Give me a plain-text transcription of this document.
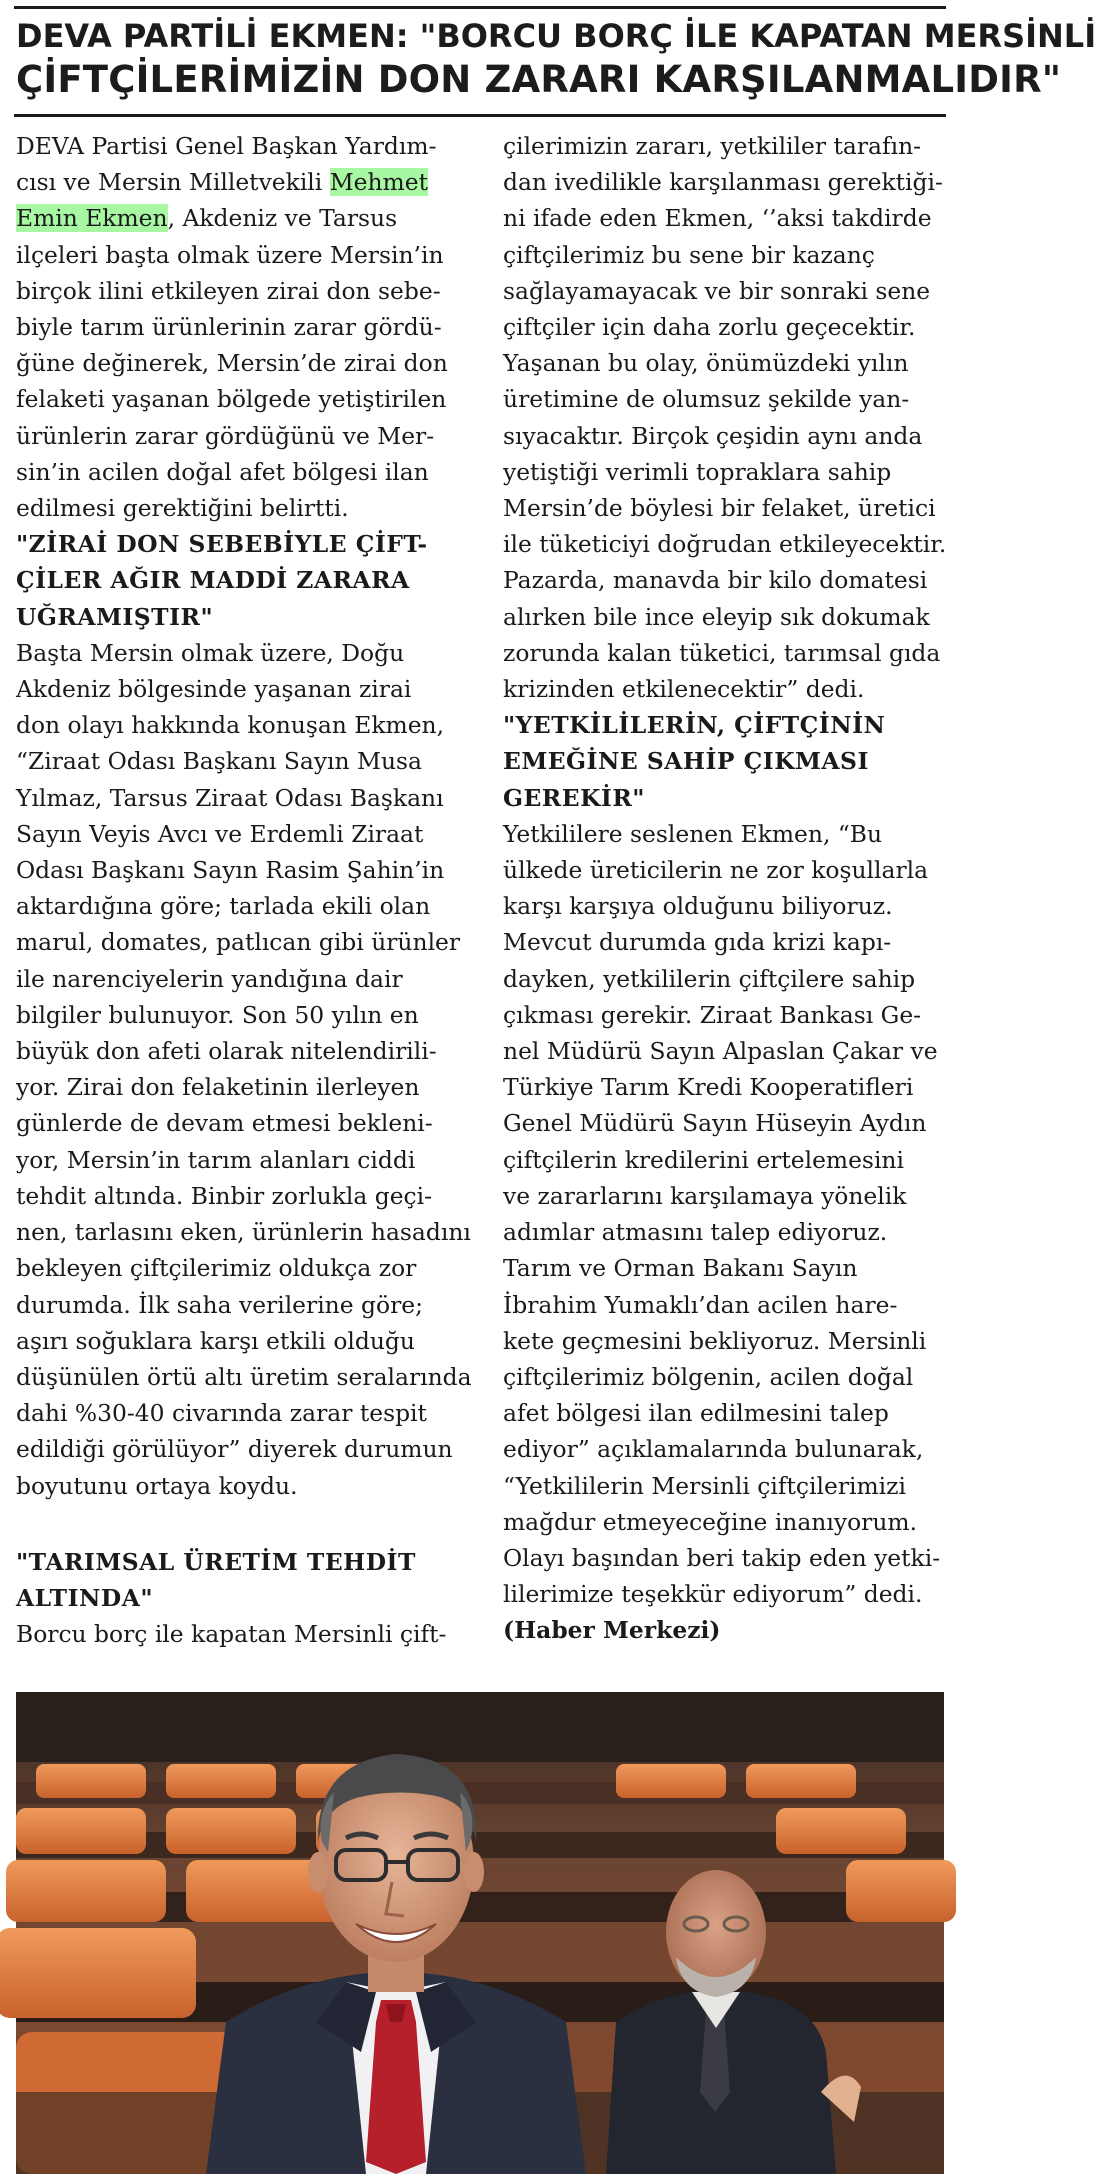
DEVA PARTİLİ EKMEN: "BORCU BORÇ İLE KAPATAN MERSİNLİ
ÇİFTÇİLERİMİZİN DON ZARARI KARŞILANMALIDIR"

DEVA Partisi Genel Başkan Yardım-
cısı ve Mersin Milletvekili Mehmet
Emin Ekmen, Akdeniz ve Tarsus
ilçeleri başta olmak üzere Mersin’in
birçok ilini etkileyen zirai don sebe-
biyle tarım ürünlerinin zarar gördü-
ğüne değinerek, Mersin’de zirai don
felaketi yaşanan bölgede yetiştirilen
ürünlerin zarar gördüğünü ve Mer-
sin’in acilen doğal afet bölgesi ilan
edilmesi gerektiğini belirtti.

"ZİRAİ DON SEBEBİYLE ÇİFT-
ÇİLER AĞIR MADDİ ZARARA
UĞRAMIŞTIR"

Başta Mersin olmak üzere, Doğu
Akdeniz bölgesinde yaşanan zirai
don olayı hakkında konuşan Ekmen,
“Ziraat Odası Başkanı Sayın Musa
Yılmaz, Tarsus Ziraat Odası Başkanı
Sayın Veyis Avcı ve Erdemli Ziraat
Odası Başkanı Sayın Rasim Şahin’in
aktardığına göre; tarlada ekili olan
marul, domates, patlıcan gibi ürünler
ile narenciyelerin yandığına dair
bilgiler bulunuyor. Son 50 yılın en
büyük don afeti olarak nitelendirili-
yor. Zirai don felaketinin ilerleyen
günlerde de devam etmesi bekleni-
yor, Mersin’in tarım alanları ciddi
tehdit altında. Binbir zorlukla geçi-
nen, tarlasını eken, ürünlerin hasadını
bekleyen çiftçilerimiz oldukça zor
durumda. İlk saha verilerine göre;
aşırı soğuklara karşı etkili olduğu
düşünülen örtü altı üretim seralarında
dahi %30-40 civarında zarar tespit
edildiği görülüyor” diyerek durumun
boyutunu ortaya koydu.

"TARIMSAL ÜRETİM TEHDİT
ALTINDA"

Borcu borç ile kapatan Mersinli çift-

çilerimizin zararı, yetkililer tarafın-
dan ivedilikle karşılanması gerektiği-
ni ifade eden Ekmen, ‘’aksi takdirde
çiftçilerimiz bu sene bir kazanç
sağlayamayacak ve bir sonraki sene
çiftçiler için daha zorlu geçecektir.
Yaşanan bu olay, önümüzdeki yılın
üretimine de olumsuz şekilde yan-
sıyacaktır. Birçok çeşidin aynı anda
yetiştiği verimli topraklara sahip
Mersin’de böylesi bir felaket, üretici
ile tüketiciyi doğrudan etkileyecektir.
Pazarda, manavda bir kilo domatesi
alırken bile ince eleyip sık dokumak
zorunda kalan tüketici, tarımsal gıda
krizinden etkilenecektir” dedi.

"YETKİLİLERİN, ÇİFTÇİNİN
EMEĞİNE SAHİP ÇIKMASI
GEREKİR"

Yetkililere seslenen Ekmen, “Bu
ülkede üreticilerin ne zor koşullarla
karşı karşıya olduğunu biliyoruz.
Mevcut durumda gıda krizi kapı-
dayken, yetkililerin çiftçilere sahip
çıkması gerekir. Ziraat Bankası Ge-
nel Müdürü Sayın Alpaslan Çakar ve
Türkiye Tarım Kredi Kooperatifleri
Genel Müdürü Sayın Hüseyin Aydın
çiftçilerin kredilerini ertelemesini
ve zararlarını karşılamaya yönelik
adımlar atmasını talep ediyoruz.
Tarım ve Orman Bakanı Sayın
İbrahim Yumaklı’dan acilen hare-
kete geçmesini bekliyoruz. Mersinli
çiftçilerimiz bölgenin, acilen doğal
afet bölgesi ilan edilmesini talep
ediyor” açıklamalarında bulunarak,
“Yetkililerin Mersinli çiftçilerimizi
mağdur etmeyeceğine inanıyorum.
Olayı başından beri takip eden yetki-
lilerimize teşekkür ediyorum” dedi.

(Haber Merkezi)
